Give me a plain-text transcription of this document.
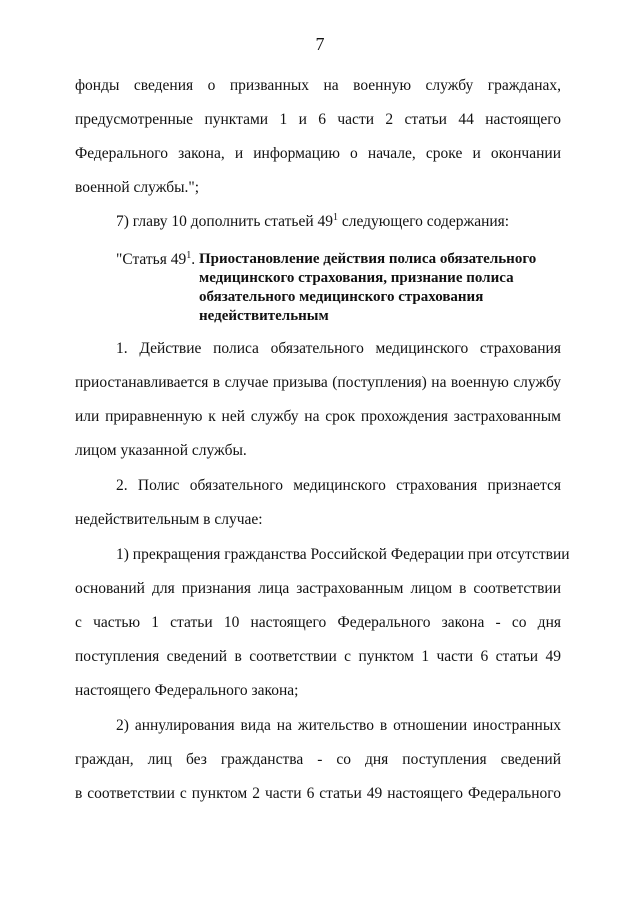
7
фонды сведения о призванных на военную службу гражданах,
предусмотренные пунктами 1 и 6 части 2 статьи 44 настоящего
Федерального закона, и информацию о начале, сроке и окончании
военной службы.";
7) главу 10 дополнить статьей $49^1$ следующего содержания:
"Статья $49^1$. Приостановление действия полиса обязательного
медицинского страхования, признание полиса
обязательного медицинского страхования
недействительным
1. Действие полиса обязательного медицинского страхования
приостанавливается в случае призыва (поступления) на военную службу
или приравненную к ней службу на срок прохождения застрахованным
лицом указанной службы.
2. Полис обязательного медицинского страхования признается
недействительным в случае:
1) прекращения гражданства Российской Федерации при отсутствии
оснований для признания лица застрахованным лицом в соответствии
с частью 1 статьи 10 настоящего Федерального закона - со дня
поступления сведений в соответствии с пунктом 1 части 6 статьи 49
настоящего Федерального закона;
2) аннулирования вида на жительство в отношении иностранных
граждан, лиц без гражданства - со дня поступления сведений
в соответствии с пунктом 2 части 6 статьи 49 настоящего Федерального
